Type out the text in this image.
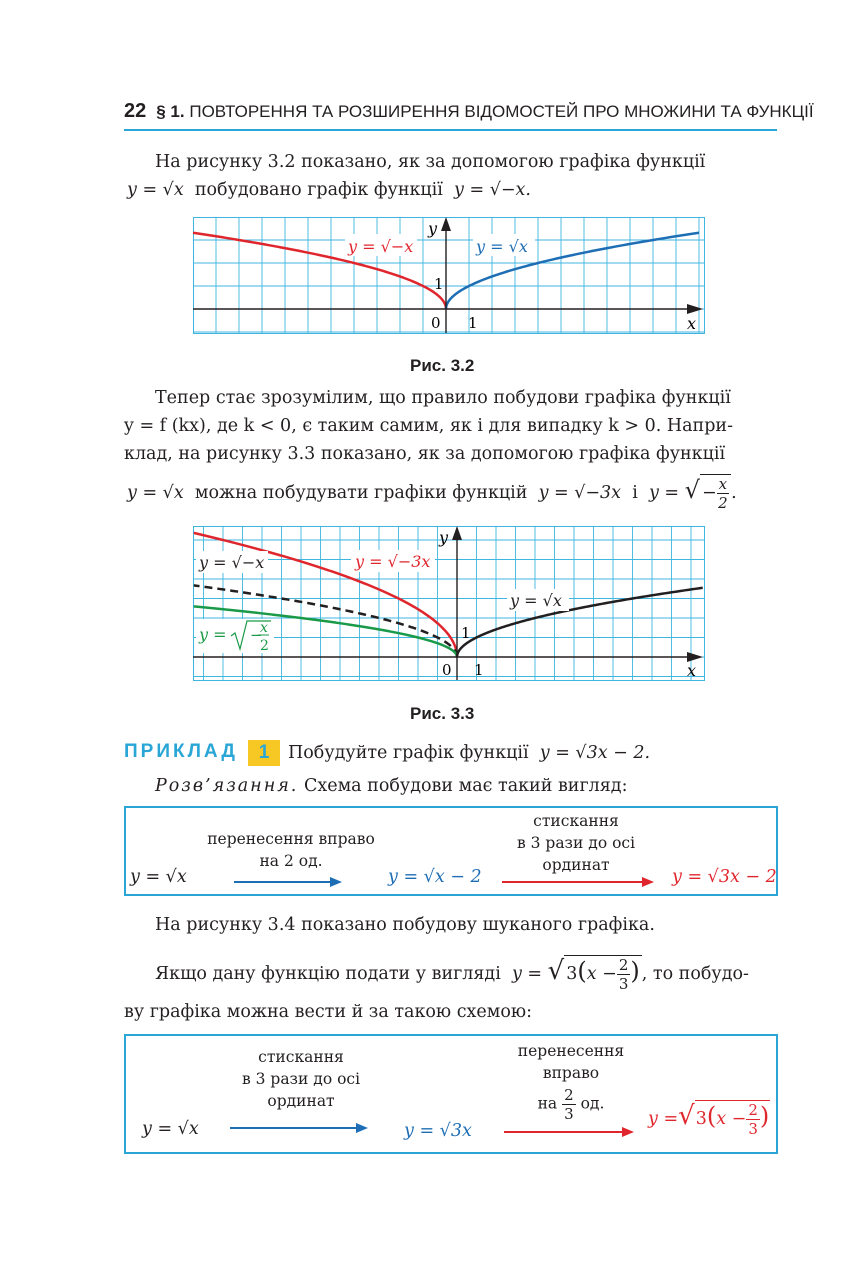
22 § 1. ПОВТОРЕННЯ ТА РОЗШИРЕННЯ ВІДОМОСТЕЙ ПРО МНОЖИНИ ТА ФУНКЦІЇ
На рисунку 3.2 показано, як за допомогою графіка функції
y = √x побудовано графік функції y = √−x.
y = √−x	y = √x
x
y
0 1
1
Рис. 3.2
Тепер стає зрозумілим, що правило побудови графіка функції
y = f (kx), де k < 0, є таким самим, як і для випадку k > 0. Напри-
клад, на рисунку 3.3 показано, як за допомогою графіка функції
y = √x можна побудувати графіки функцій y = √−3x і y = √ − $\frac{x}{2}$ .
y = √−x	y = √−3x
y = √x
y = −
x
2
x
y
0 1
1
Рис. 3.3
ПРИКЛАД	1	Побудуйте графік функції y = √3x − 2.
Розв’язання. Схема побудови має такий вигляд:
y = √x
перенесення вправо
на 2 од.
y = √x − 2
стискання
в 3 рази до осі
ординат
y = √3x − 2
На рисунку 3.4 показано побудову шуканого графіка.
Якщо дану функцію подати у вигляді y = √ $3(x - \frac{2}{3}$ ) , то побудо-
ву графіка можна вести й за такою схемою:
y = √x
стискання
в 3 рази до осі
ординат
y = √3x
перенесення
вправо
на $\frac{2}{3}$ од.
$y =√3(x - \frac{2}{3}$ )
